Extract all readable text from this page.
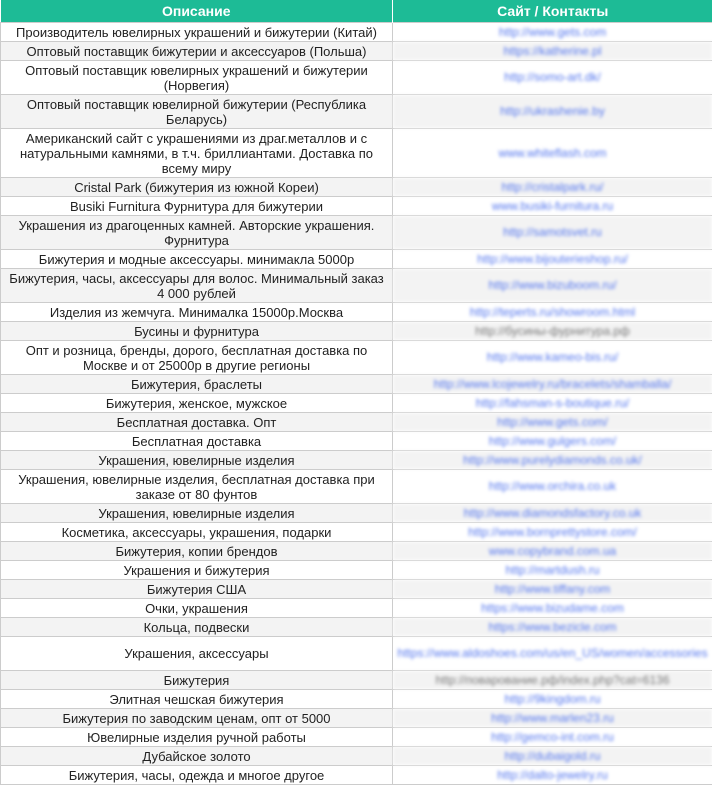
Описание	Сайт / Контакты
Производитель ювелирных украшений и бижутерии (Китай)	http://www.gets.com
Оптовый поставщик бижутерии и аксессуаров (Польша)	https://katherine.pl
Оптовый поставщик ювелирных украшений и бижутерии (Норвегия)	http://somo-art.dk/
Оптовый поставщик ювелирной бижутерии (Республика Беларусь)	http://ukrashenie.by
Американский сайт с украшениями из драг.металлов и с натуральными камнями, в т.ч. бриллиантами. Доставка по всему миру	www.whiteflash.com
Cristal Park (бижутерия из южной Кореи)	http://cristalpark.ru/
Busiki Furnitura Фурнитура для бижутерии	www.busiki-furnitura.ru
Украшения из драгоценных камней. Авторские украшения. Фурнитура	http://samotsvet.ru
Бижутерия и модные аксессуары. минимакла 5000р	http://www.bijouterieshop.ru/
Бижутерия, часы, аксессуары для волос. Минимальный заказ 4 000 рублей	http://www.bizuboom.ru/
Изделия из жемчуга. Минималка 15000р.Москва	http://teperts.ru/showroom.html
Бусины и фурнитура	http://бусины-фурнитура.рф
Опт и розница, бренды, дорого, бесплатная доставка по Москве и от 25000р в другие регионы	http://www.kameo-bis.ru/
Бижутерия, браслеты	http://www.lcojewelry.ru/bracelets/shamballa/
Бижутерия, женское, мужское	http://fahsman-s-boutique.ru/
Бесплатная доставка. Опт	http://www.gets.com/
Бесплатная доставка	http://www.gulgers.com/
Украшения, ювелирные изделия	http://www.purelydiamonds.co.uk/
Украшения, ювелирные изделия, бесплатная доставка при заказе от 80 фунтов	http://www.orchira.co.uk
Украшения, ювелирные изделия	http://www.diamondsfactory.co.uk
Косметика, аксессуары, украшения, подарки	http://www.bornprettystore.com/
Бижутерия, копии брендов	www.copybrand.com.ua
Украшения и бижутерия	http://martdush.ru
Бижутерия США	http://www.tiffany.com
Очки, украшения	https://www.bizudame.com
Кольца, подвески	https://www.bezicle.com
Украшения, аксессуары	https://www.aldoshoes.com/us/en_US/women/accessories
Бижутерия	http://поварование.рф/index.php?cat=6136
Элитная чешская бижутерия	http://9kingdom.ru
Бижутерия по заводским ценам, опт от 5000	http://www.marlen23.ru
Ювелирные изделия ручной работы	http://gemco-int.com.ru
Дубайское золото	http://dubaigold.ru
Бижутерия, часы, одежда и многое другое	http://dalto-jewelry.ru
